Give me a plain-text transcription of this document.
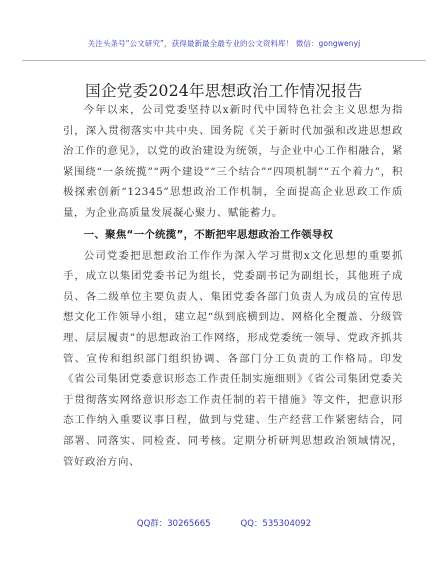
关注头条号“公文研究”，获得最新最全最专业的公文资料库！ 微信：gongwenyj
国企党委2024年思想政治工作情况报告

今年以来，公司党委坚持以x新时代中国特色社会主义思想为指引，深入贯彻落实中共中央、国务院《关于新时代加强和改进思想政治工作的意见》，以党的政治建设为统领，与企业中心工作相融合，紧紧围绕“一条统揽”“两个建设”“三个结合”“四项机制”“五个着力”，积极探索创新“12345”思想政治工作机制，全面提高企业思政工作质量，为企业高质量发展凝心聚力、赋能蓄力。

一、聚焦“一个统揽”，不断把牢思想政治工作领导权

公司党委把思想政治工作作为深入学习贯彻x文化思想的重要抓手，成立以集团党委书记为组长，党委副书记为副组长，其他班子成员、各二级单位主要负责人、集团党委各部门负责人为成员的宣传思想文化工作领导小组，建立起“纵到底横到边、网格化全覆盖、分级管理、层层履责”的思想政治工作网络，形成党委统一领导、党政齐抓共管、宣传和组织部门组织协调、各部门分工负责的工作格局。印发《省公司集团党委意识形态工作责任制实施细则》《省公司集团党委关于贯彻落实网络意识形态工作责任制的若干措施》等文件，把意识形态工作纳入重要议事日程，做到与党建、生产经营工作紧密结合，同部署、同落实、同检查、同考核。定期分析研判思想政治领域情况，管好政治方向、

QQ群：30265665	QQ：535304092
